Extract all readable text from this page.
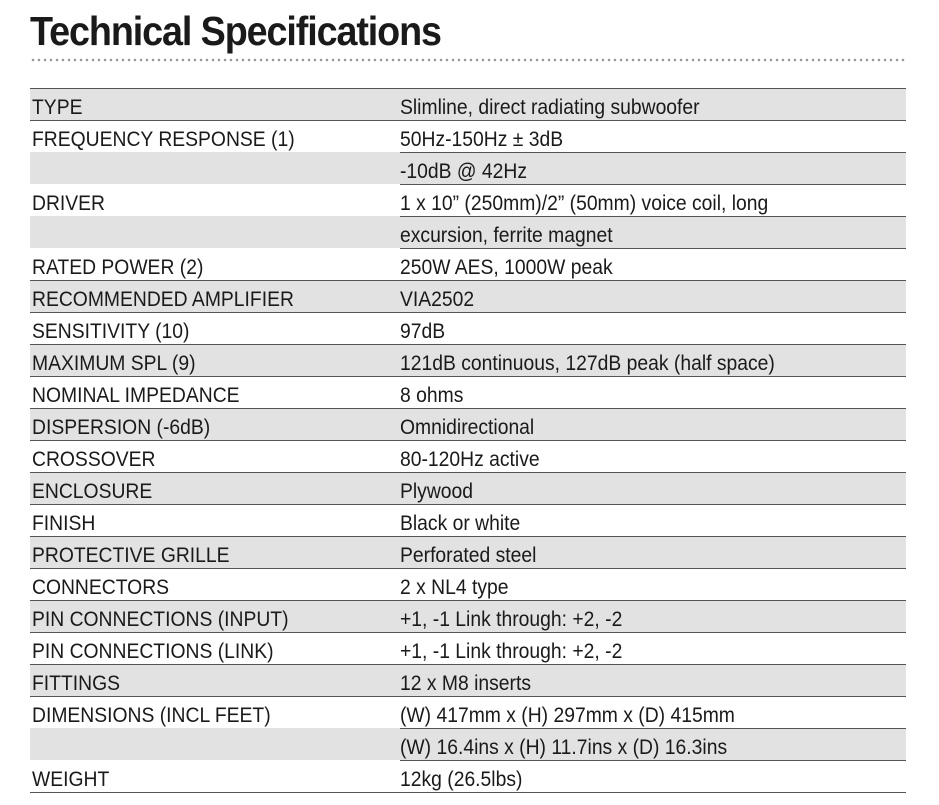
Technical Specifications
TYPE	Slimline, direct radiating subwoofer
FREQUENCY RESPONSE (1)	50Hz-150Hz ± 3dB
	-10dB @ 42Hz
DRIVER	1 x 10” (250mm)/2” (50mm) voice coil, long
	excursion, ferrite magnet
RATED POWER (2)	250W AES, 1000W peak
RECOMMENDED AMPLIFIER	VIA2502
SENSITIVITY (10)	97dB
MAXIMUM SPL (9)	121dB continuous, 127dB peak (half space)
NOMINAL IMPEDANCE	8 ohms
DISPERSION (-6dB)	Omnidirectional
CROSSOVER	80-120Hz active
ENCLOSURE	Plywood
FINISH	Black or white
PROTECTIVE GRILLE	Perforated steel
CONNECTORS	2 x NL4 type
PIN CONNECTIONS (INPUT)	+1, -1 Link through: +2, -2
PIN CONNECTIONS (LINK)	+1, -1 Link through: +2, -2
FITTINGS	12 x M8 inserts
DIMENSIONS (INCL FEET)	(W) 417mm x (H) 297mm x (D) 415mm
	(W) 16.4ins x (H) 11.7ins x (D) 16.3ins
WEIGHT	12kg (26.5lbs)
